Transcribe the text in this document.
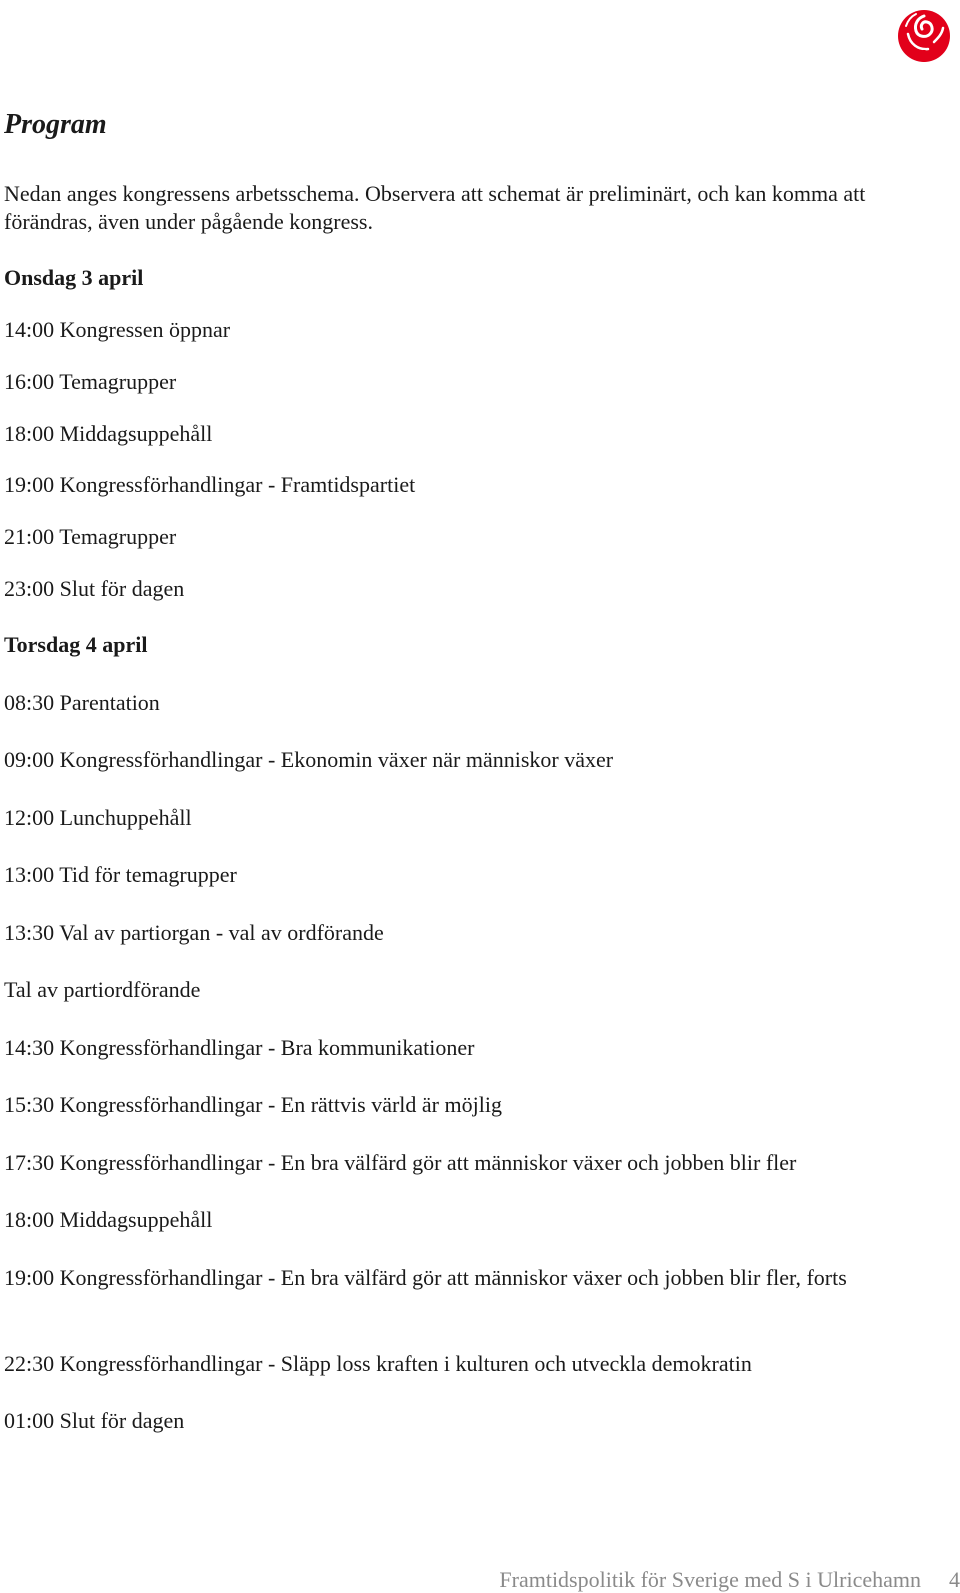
Program

Nedan anges kongressens arbetsschema. Observera att schemat är preliminärt, och kan komma att förändras, även under pågående kongress.

Onsdag 3 april

14:00 Kongressen öppnar

16:00 Temagrupper

18:00 Middagsuppehåll

19:00 Kongressförhandlingar - Framtidspartiet

21:00 Temagrupper

23:00 Slut för dagen

Torsdag 4 april

08:30 Parentation

09:00 Kongressförhandlingar - Ekonomin växer när människor växer

12:00 Lunchuppehåll

13:00 Tid för temagrupper

13:30 Val av partiorgan - val av ordförande

Tal av partiordförande

14:30 Kongressförhandlingar - Bra kommunikationer

15:30 Kongressförhandlingar - En rättvis värld är möjlig

17:30 Kongressförhandlingar - En bra välfärd gör att människor växer och jobben blir fler

18:00 Middagsuppehåll

19:00 Kongressförhandlingar - En bra välfärd gör att människor växer och jobben blir fler, forts

22:30 Kongressförhandlingar - Släpp loss kraften i kulturen och utveckla demokratin

01:00 Slut för dagen

Framtidspolitik för Sverige med S i Ulricehamn 4
